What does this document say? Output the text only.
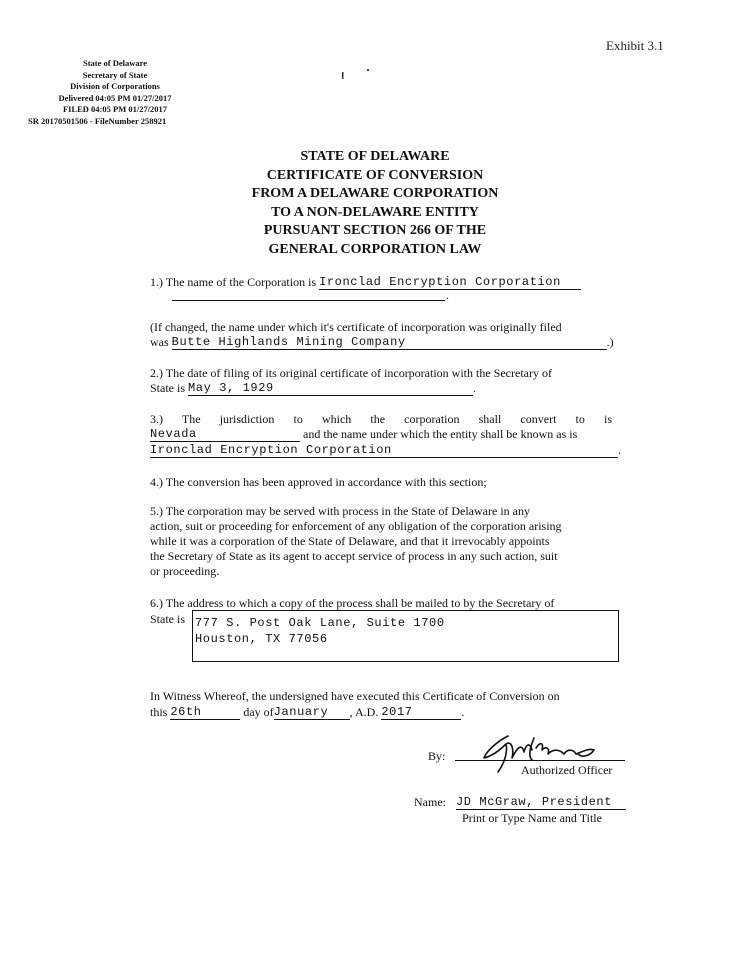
Exhibit 3.1
State of Delaware
Secretary of State
Division of Corporations
Delivered 04:05 PM 01/27/2017
FILED 04:05 PM 01/27/2017
SR 20170501506 - FileNumber 258921
STATE OF DELAWARE
CERTIFICATE OF CONVERSION
FROM A DELAWARE CORPORATION
TO A NON-DELAWARE ENTITY
PURSUANT SECTION 266 OF THE
GENERAL CORPORATION LAW
1.) The name of the Corporation is Ironclad Encryption Corporation
.
(If changed, the name under which it's certificate of incorporation was originally filed
was Butte Highlands Mining Company	.)
2.) The date of filing of its original certificate of incorporation with the Secretary of
State is May 3, 1929	.
3.) The jurisdiction to which the corporation shall convert to is
Nevada	and the name under which the entity shall be known as is
Ironclad Encryption Corporation	.
4.) The conversion has been approved in accordance with this section;
5.) The corporation may be served with process in the State of Delaware in any
action, suit or proceeding for enforcement of any obligation of the corporation arising
while it was a corporation of the State of Delaware, and that it irrevocably appoints
the Secretary of State as its agent to accept service of process in any such action, suit
or proceeding.
6.) The address to which a copy of the process shall be mailed to by the Secretary of
State is 777 S. Post Oak Lane, Suite 1700
Houston, TX 77056
In Witness Whereof, the undersigned have executed this Certificate of Conversion on
this 26th	day ofJanuary , A.D. 2017	.
By:
Authorized Officer
Name: JD McGraw, President
Print or Type Name and Title
